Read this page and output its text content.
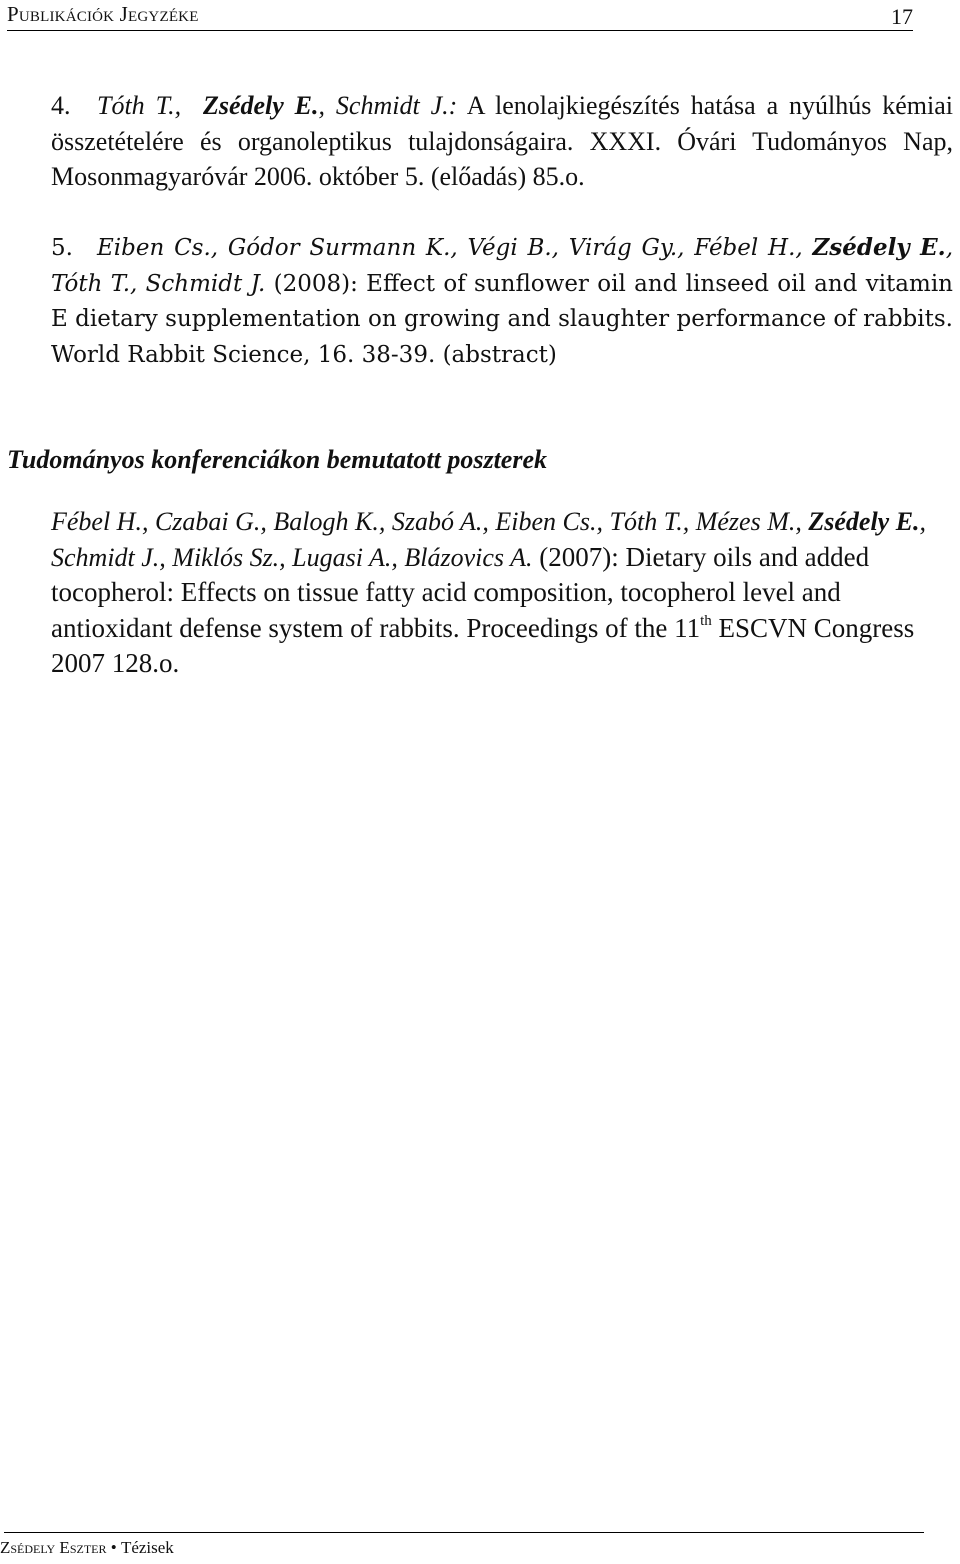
Publikációk Jegyzéke	17
4. Tóth T., Zsédely E., Schmidt J.: A lenolajkiegészítés hatása a nyúlhús kémiai összetételére és organoleptikus tulajdonságaira. XXXI. Óvári Tudományos Nap, Mosonmagyaróvár 2006. október 5. (előadás) 85.o.
5. Eiben Cs., Gódor Surmann K., Végi B., Virág Gy., Fébel H., Zsédely E., Tóth T., Schmidt J. (2008): Effect of sunflower oil and linseed oil and vitamin E dietary supplementation on growing and slaughter performance of rabbits. World Rabbit Science, 16. 38-39. (abstract)
Tudományos konferenciákon bemutatott poszterek
Fébel H., Czabai G., Balogh K., Szabó A., Eiben Cs., Tóth T., Mézes M., Zsédely E., Schmidt J., Miklós Sz., Lugasi A., Blázovics A. (2007): Dietary oils and added tocopherol: Effects on tissue fatty acid composition, tocopherol level and antioxidant defense system of rabbits. Proceedings of the 11th ESCVN Congress 2007 128.o.
Zsédely Eszter • Tézisek
